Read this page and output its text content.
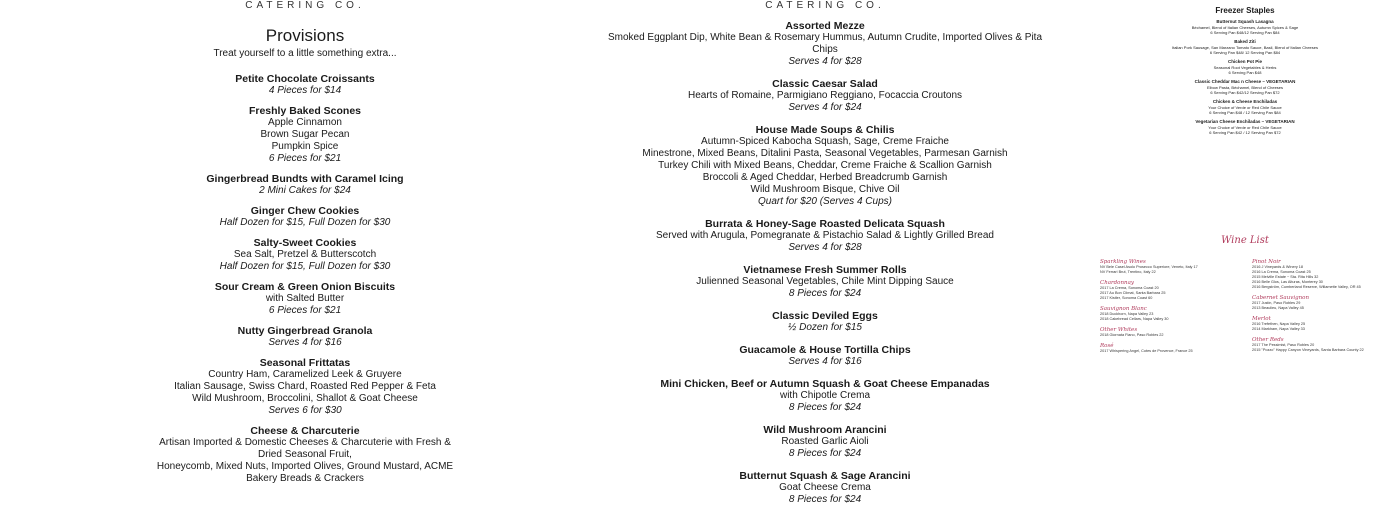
CATERING CO.
Provisions
Treat yourself to a little something extra...
Petite Chocolate Croissants
4 Pieces for $14
Freshly Baked Scones
Apple Cinnamon
Brown Sugar Pecan
Pumpkin Spice
6 Pieces for $21
Gingerbread Bundts with Caramel Icing
2 Mini Cakes for $24
Ginger Chew Cookies
Half Dozen for $15, Full Dozen for $30
Salty-Sweet Cookies
Sea Salt, Pretzel & Butterscotch
Half Dozen for $15, Full Dozen for $30
Sour Cream & Green Onion Biscuits
with Salted Butter
6 Pieces for $21
Nutty Gingerbread Granola
Serves 4 for $16
Seasonal Frittatas
Country Ham, Caramelized Leek & Gruyere
Italian Sausage, Swiss Chard, Roasted Red Pepper & Feta
Wild Mushroom, Broccolini, Shallot & Goat Cheese
Serves 6 for $30
Cheese & Charcuterie
Artisan Imported & Domestic Cheeses & Charcuterie with Fresh & Dried Seasonal Fruit,
Honeycomb, Mixed Nuts, Imported Olives, Ground Mustard, ACME Bakery Breads & Crackers
CATERING CO.
Assorted Mezze
Smoked Eggplant Dip, White Bean & Rosemary Hummus, Autumn Crudite, Imported Olives & Pita Chips
Serves 4 for $28
Classic Caesar Salad
Hearts of Romaine, Parmigiano Reggiano, Focaccia Croutons
Serves 4 for $24
House Made Soups & Chilis
Autumn-Spiced Kabocha Squash, Sage, Creme Fraiche
Minestrone, Mixed Beans, Ditalini Pasta, Seasonal Vegetables, Parmesan Garnish
Turkey Chili with Mixed Beans, Cheddar, Creme Fraiche & Scallion Garnish
Broccoli & Aged Cheddar, Herbed Breadcrumb Garnish
Wild Mushroom Bisque, Chive Oil
Quart for $20 (Serves 4 Cups)
Burrata & Honey-Sage Roasted Delicata Squash
Served with Arugula, Pomegranate & Pistachio Salad & Lightly Grilled Bread
Serves 4 for $28
Vietnamese Fresh Summer Rolls
Julienned Seasonal Vegetables, Chile Mint Dipping Sauce
8 Pieces for $24
Classic Deviled Eggs
½ Dozen for $15
Guacamole & House Tortilla Chips
Serves 4 for $16
Mini Chicken, Beef or Autumn Squash & Goat Cheese Empanadas
with Chipotle Crema
8 Pieces for $24
Wild Mushroom Arancini
Roasted Garlic Aioli
8 Pieces for $24
Butternut Squash & Sage Arancini
Goat Cheese Crema
8 Pieces for $24
Freezer Staples
Butternut Squash Lasagna
Béchamel, Blend of Italian Cheeses, Autumn Spices & Sage
6 Serving Pan $48/12 Serving Pan $84
Baked Ziti
Italian Pork Sausage, San Marzano Tomato Sauce, Basil, Blend of Italian Cheeses
6 Serving Pan $48/ 12 Serving Pan $84
Chicken Pot Pie
Seasonal Root Vegetables & Herbs
6 Serving Pan $48
Classic Cheddar Mac n Cheese – VEGETARIAN
Elbow Pasta, Béchamel, Blend of Cheeses
6 Serving Pan $42/12 Serving Pan $72
Chicken & Cheese Enchiladas
Your Choice of Verde or Red Chile Sauce
6 Serving Pan $48 / 12 Serving Pan $84
Vegetarian Cheese Enchiladas – VEGETARIAN
Your Choice of Verde or Red Chile Sauce
6 Serving Pan $42 / 12 Serving Pan $72
Wine List
Sparkling Wines
NV Bele Casel Asolo Prosecco Superiore, Veneto, Italy 17
NV Ferrari Brut, Trentino, Italy 22
Chardonnay
2017 La Crema, Sonoma Coast 20
2017 Au Bon Climat, Santa Barbara 25
2017 Kistler, Sonoma Coast 60
Sauvignon Blanc
2018 Duckhorn, Napa Valley 23
2018 Cakebread Cellars, Napa Valley 30
Other Whites
2018 Giornata Fiano, Paso Robles 22
Rosé
2017 Whispering Angel, Cotes de Provence, France 25
Pinot Noir
2016 J Vineyards & Winery 18
2016 La Crema, Sonoma Coast 25
2015 Melville Estate ~ Sta. Rita Hills 32
2016 Belle Glos, Las Alturas, Monterey 30
2016 Bergström, Cumberland Reserve, Willamette Valley, OR 45
Cabernet Sauvignon
2017 Justin, Paso Robles 29
2013 Beaulieu, Napa Valley 45
Merlot
2016 Trefethen, Napa Valley 25
2014 Markham, Napa Valley 33
Other Reds
2017 The Pessimist, Paso Robles 20
2015 "Pozzo" Happy Canyon Vineyards, Santa Barbara County 22
